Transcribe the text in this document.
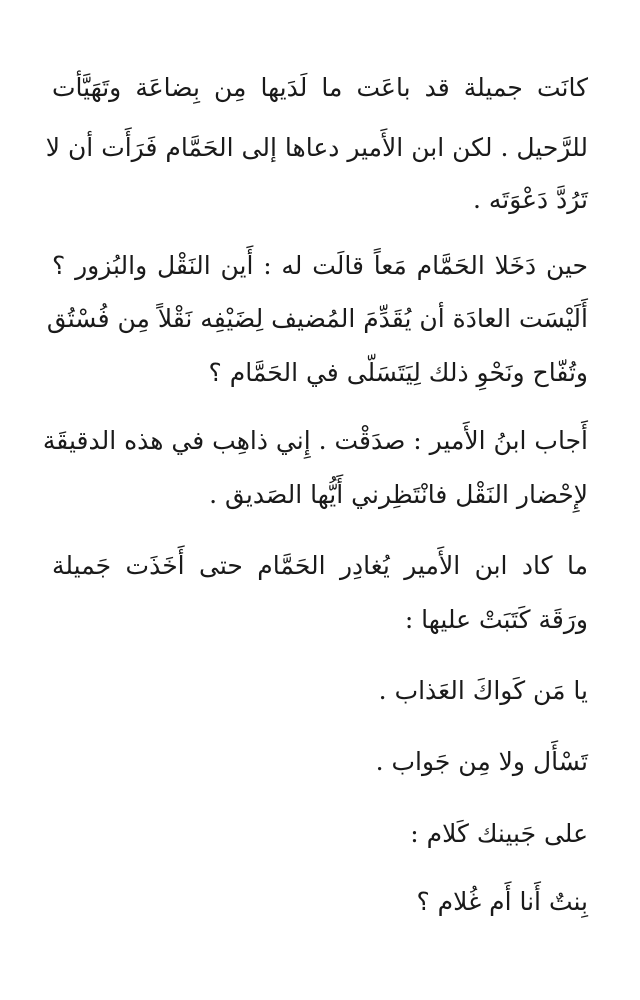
كانَت جميلة قد باعَت ما لَدَيها مِن بِضاعَة وتَهَيَّأت
للرَّحيل . لكن ابن الأَمير دعاها إلى الحَمَّام فَرَأَت أن لا
تَرُدَّ دَعْوَتَه .
حين دَخَلا الحَمَّام مَعاً قالَت له : أَين النَقْل والبُزور ؟
أَلَيْسَت العادَة أن يُقَدِّمَ المُضيف لِضَيْفِه نَقْلاً مِن فُسْتُق
وتُفّاح ونَحْوِ ذلك لِيَتَسَلّى في الحَمَّام ؟
أَجاب ابنُ الأَمير : صدَقْت . إِني ذاهِب في هذه الدقيقَة
لإِحْضار النَقْل فانْتَظِرني أَيُّها الصَديق .
ما كاد ابن الأَمير يُغادِر الحَمَّام حتى أَخَذَت جَميلة
ورَقَة كَتَبَتْ عليها :
يا مَن كَواكَ العَذاب .
تَسْأَل ولا مِن جَواب .
على جَبينك كَلام :
بِنتٌ أَنا أَم غُلام ؟
